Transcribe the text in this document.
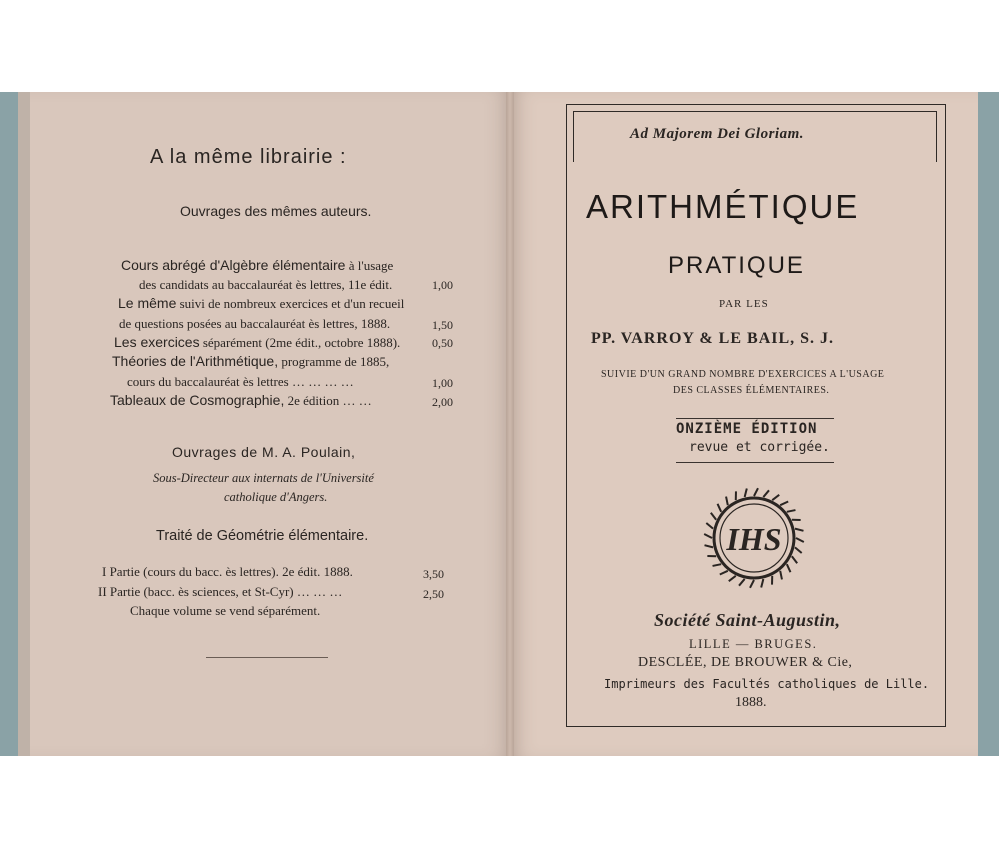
A la même librairie :
Ouvrages des mêmes auteurs.
Cours abrégé d'Algèbre élémentaire à l'usage
des candidats au baccalauréat ès lettres, 11e édit.	1,00
Le même suivi de nombreux exercices et d'un recueil
de questions posées au baccalauréat ès lettres, 1888.	1,50
Les exercices séparément (2me édit., octobre 1888).	0,50
Théories de l'Arithmétique, programme de 1885,
cours du baccalauréat ès lettres … … … …	1,00
Tableaux de Cosmographie, 2e édition … …	2,00
Ouvrages de M. A. Poulain,
Sous-Directeur aux internats de l'Université
catholique d'Angers.
Traité de Géométrie élémentaire.
I Partie (cours du bacc. ès lettres). 2e édit. 1888.	3,50
II Partie (bacc. ès sciences, et St-Cyr) … … …	2,50
Chaque volume se vend séparément.
Ad Majorem Dei Gloriam.
ARITHMÉTIQUE
PRATIQUE
PAR LES
PP. VARROY & LE BAIL, S. J.
SUIVIE D'UN GRAND NOMBRE D'EXERCICES A L'USAGE
DES CLASSES ÉLÉMENTAIRES.
ONZIÈME ÉDITION
revue et corrigée.
IHS
Société Saint-Augustin,
LILLE — BRUGES.
DESCLÉE, DE BROUWER & Cie,
Imprimeurs des Facultés catholiques de Lille.
1888.
